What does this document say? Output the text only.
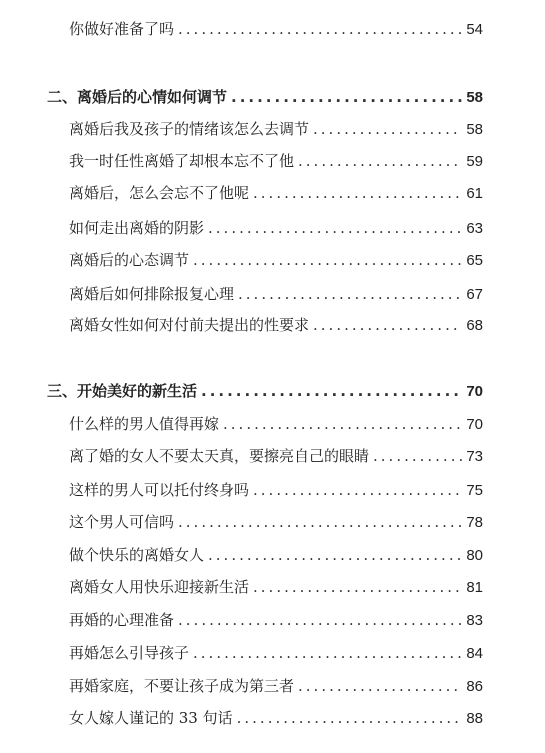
你做好准备了吗 .....	54
二、离婚后的心情如何调节 .....	58
离婚后我及孩子的情绪该怎么去调节 .....	58
我一时任性离婚了却根本忘不了他 .....	59
离婚后，怎么会忘不了他呢 .....	61
如何走出离婚的阴影 .....	63
离婚后的心态调节 .....	65
离婚后如何排除报复心理 .....	67
离婚女性如何对付前夫提出的性要求 .....	68
三、开始美好的新生活 .....	70
什么样的男人值得再嫁 .....	70
离了婚的女人不要太天真，要擦亮自己的眼睛 .....	73
这样的男人可以托付终身吗 .....	75
这个男人可信吗 .....	78
做个快乐的离婚女人 .....	80
离婚女人用快乐迎接新生活 .....	81
再婚的心理准备 .....	83
再婚怎么引导孩子 .....	84
再婚家庭，不要让孩子成为第三者 .....	86
女人嫁人谨记的 33 句话 .....	88
